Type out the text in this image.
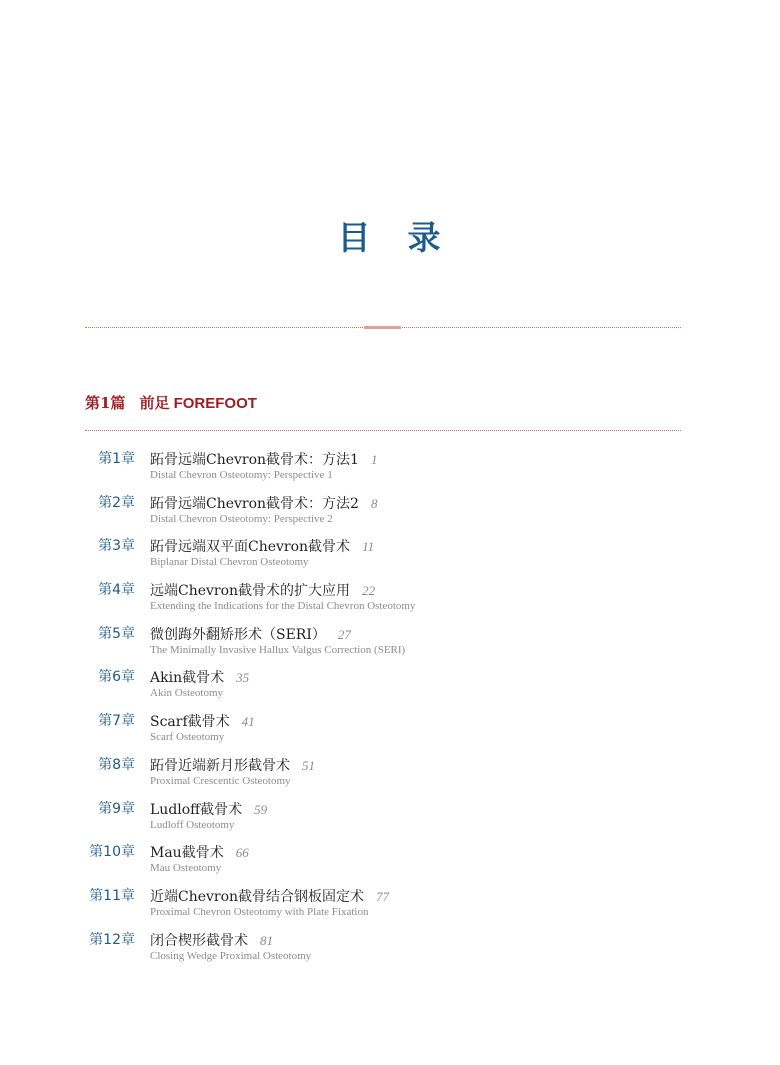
目　录
第1篇 前足 FOREFOOT
第1章 跖骨远端Chevron截骨术：方法1 1
Distal Chevron Osteotomy: Perspective 1
第2章 跖骨远端Chevron截骨术：方法2 8
Distal Chevron Osteotomy: Perspective 2
第3章 跖骨远端双平面Chevron截骨术 11
Biplanar Distal Chevron Osteotomy
第4章 远端Chevron截骨术的扩大应用 22
Extending the Indications for the Distal Chevron Osteotomy
第5章 微创踇外翻矫形术（SERI） 27
The Minimally Invasive Hallux Valgus Correction (SERI)
第6章 Akin截骨术 35
Akin Osteotomy
第7章 Scarf截骨术 41
Scarf Osteotomy
第8章 跖骨近端新月形截骨术 51
Proximal Crescentic Osteotomy
第9章 Ludloff截骨术 59
Ludloff Osteotomy
第10章 Mau截骨术 66
Mau Osteotomy
第11章 近端Chevron截骨结合钢板固定术 77
Proximal Chevron Osteotomy with Plate Fixation
第12章 闭合楔形截骨术 81
Closing Wedge Proximal Osteotomy
